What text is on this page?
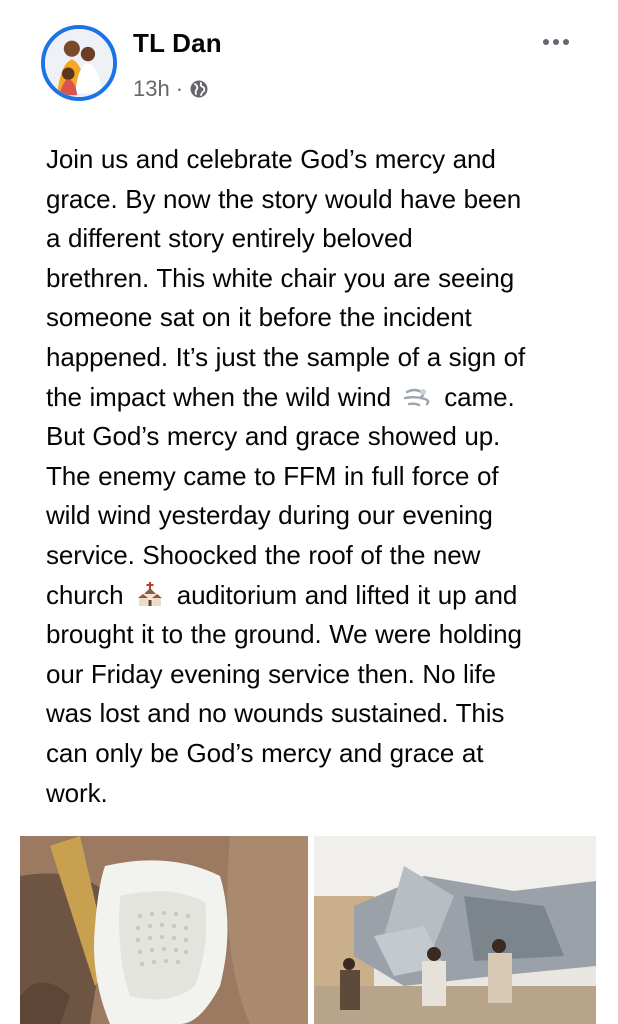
TL Dan
13h ·
Join us and celebrate God’s mercy and
grace. By now the story would have been
a different story entirely beloved
brethren. This white chair you are seeing
someone sat on it before the incident
happened. It’s just the sample of a sign of
the impact when the wild wind came.
But God’s mercy and grace showed up.
The enemy came to FFM in full force of
wild wind yesterday during our evening
service. Shoocked the roof of the new
church auditorium and lifted it up and
brought it to the ground. We were holding
our Friday evening service then. No life
was lost and no wounds sustained. This
can only be God’s mercy and grace at
work.
